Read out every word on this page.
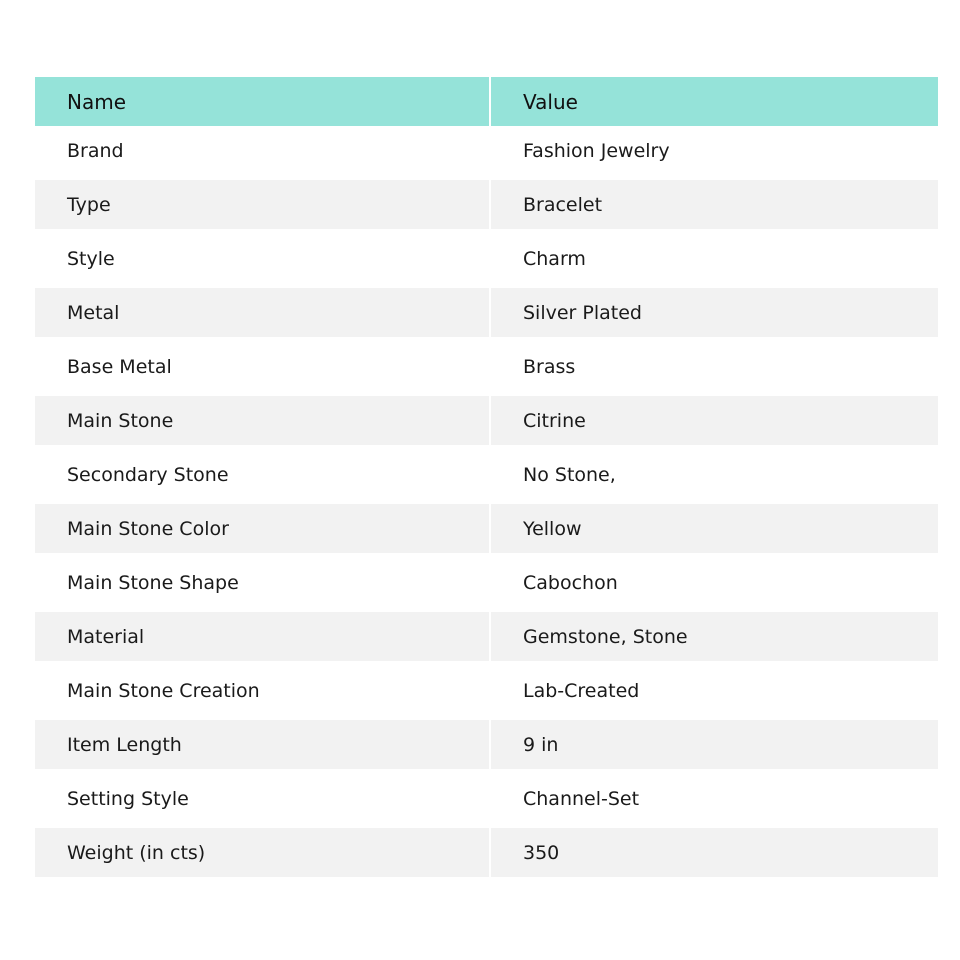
Name	Value
Brand	Fashion Jewelry

Type	Bracelet

Style	Charm

Metal	Silver Plated

Base Metal	Brass

Main Stone	Citrine

Secondary Stone	No Stone,

Main Stone Color	Yellow

Main Stone Shape	Cabochon

Material	Gemstone, Stone

Main Stone Creation	Lab-Created

Item Length	9 in

Setting Style	Channel-Set

Weight (in cts)	350
